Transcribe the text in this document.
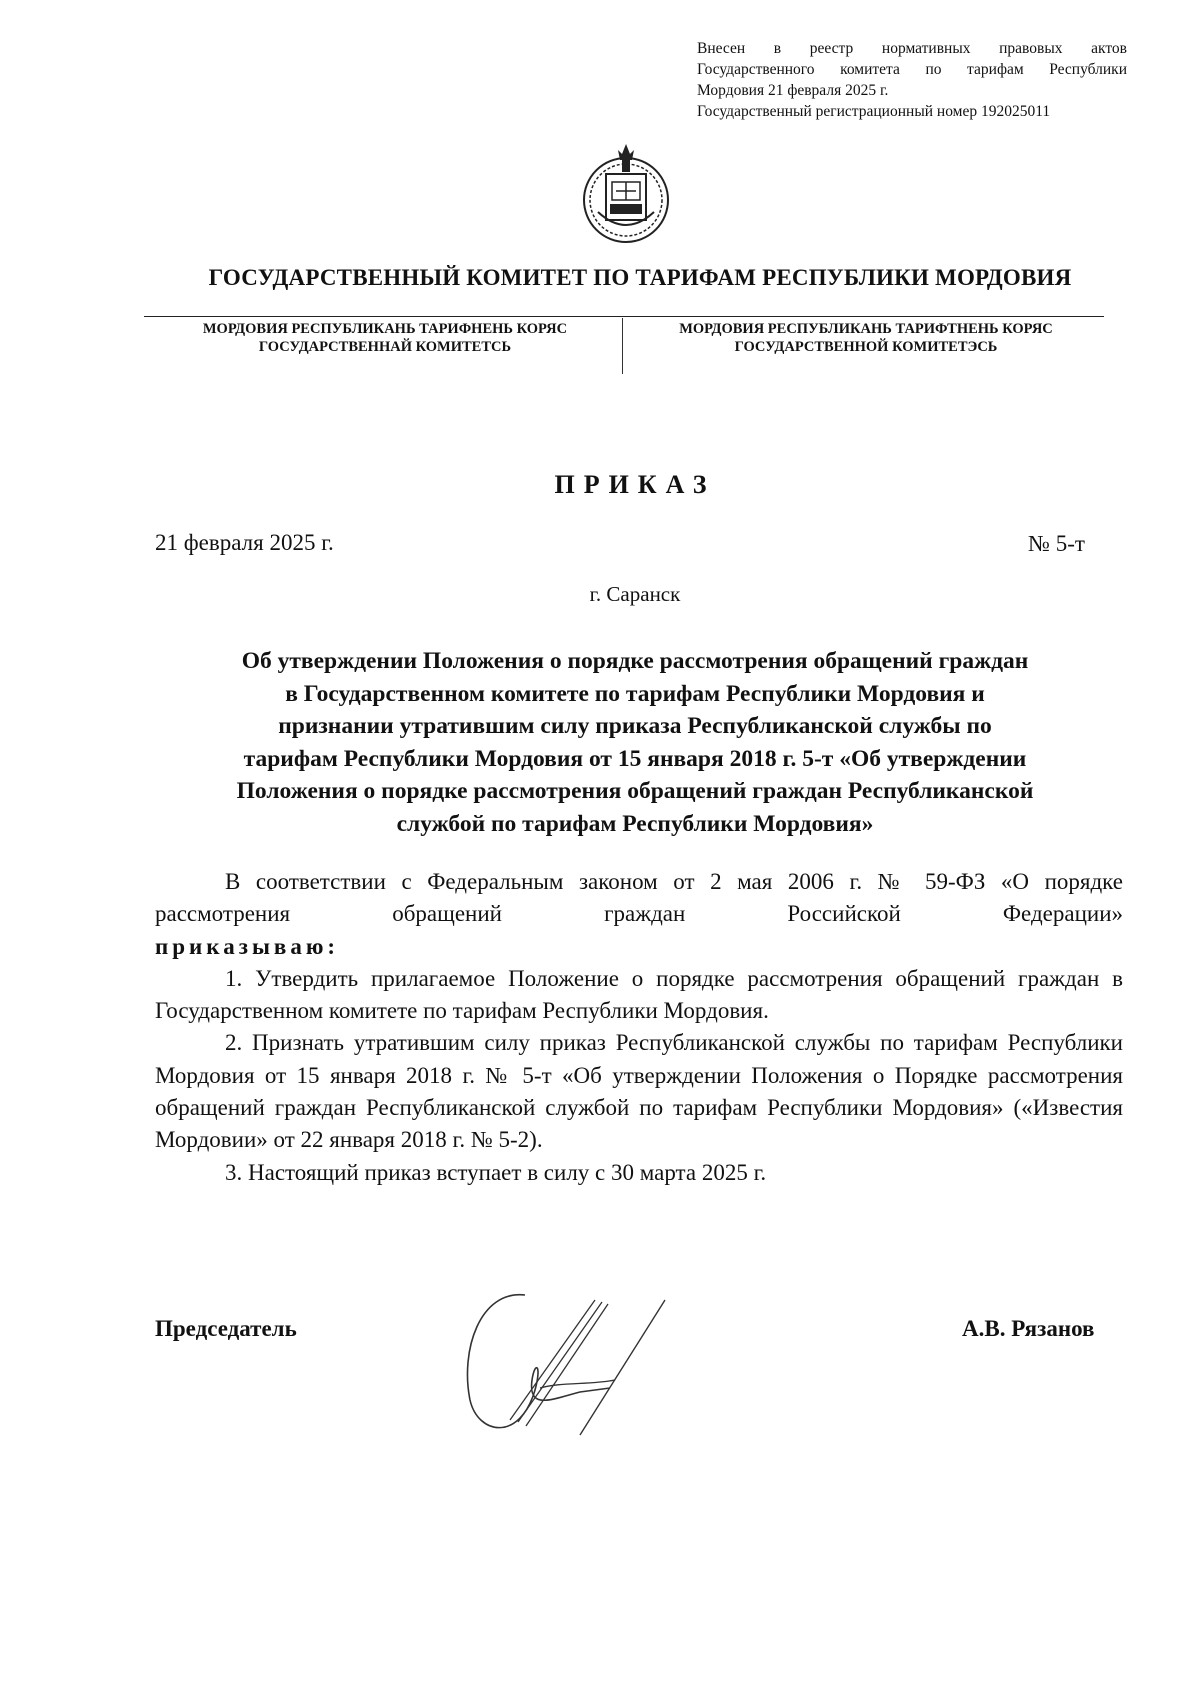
Внесен в реестр нормативных правовых актов
Государственного комитета по тарифам Республики
Мордовия 21 февраля 2025 г.
Государственный регистрационный номер 192025011
ГОСУДАРСТВЕННЫЙ КОМИТЕТ ПО ТАРИФАМ РЕСПУБЛИКИ МОРДОВИЯ
МОРДОВИЯ РЕСПУБЛИКАНЬ ТАРИФНЕНЬ КОРЯС
ГОСУДАРСТВЕННАЙ КОМИТЕТСЬ
МОРДОВИЯ РЕСПУБЛИКАНЬ ТАРИФТНЕНЬ КОРЯС
ГОСУДАРСТВЕННОЙ КОМИТЕТЭСЬ
ПРИКАЗ
21 февраля 2025 г.	№ 5-т
г. Саранск
Об утверждении Положения о порядке рассмотрения обращений граждан
в Государственном комитете по тарифам Республики Мордовия и
признании утратившим силу приказа Республиканской службы по
тарифам Республики Мордовия от 15 января 2018 г. 5-т «Об утверждении
Положения о порядке рассмотрения обращений граждан Республиканской
службой по тарифам Республики Мордовия»

В соответствии с Федеральным законом от 2 мая 2006 г. № 59-ФЗ «О порядке рассмотрения обращений граждан Российской Федерации»

приказываю:

1. Утвердить прилагаемое Положение о порядке рассмотрения обращений граждан в Государственном комитете по тарифам Республики Мордовия.

2. Признать утратившим силу приказ Республиканской службы по тарифам Республики Мордовия от 15 января 2018 г. № 5-т «Об утверждении Положения о Порядке рассмотрения обращений граждан Республиканской службой по тарифам Республики Мордовия» («Известия Мордовии» от 22 января 2018 г. № 5-2).

3. Настоящий приказ вступает в силу с 30 марта 2025 г.

Председатель	А.В. Рязанов
